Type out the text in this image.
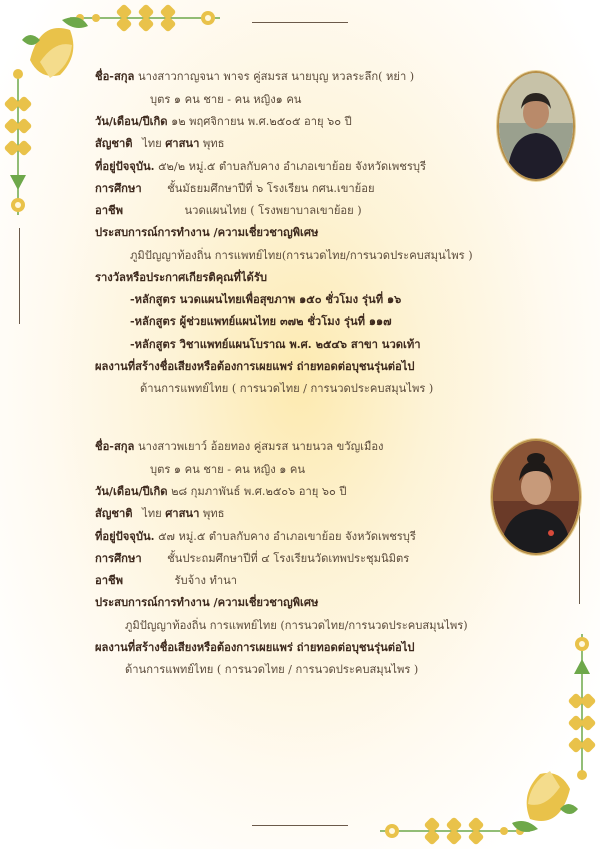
ชื่อ-สกุล นางสาวกาญจนา พาจร คู่สมรส นายบุญ หวลระลึก( หย่า )
บุตร ๑ คน ชาย - คน หญิง๑ คน
วัน/เดือน/ปีเกิด ๑๒ พฤศจิกายน พ.ศ.๒๕๐๕ อายุ ๖๐ ปี
สัญชาติ ไทย ศาสนา พุทธ
ที่อยู่ปัจจุบัน. ๕๒/๒ หมู่.๕ ตำบลกับคาง อำเภอเขาย้อย จังหวัดเพชรบุรี
การศึกษา ชั้นมัธยมศึกษาปีที่ ๖ โรงเรียน กศน.เขาย้อย
อาชีพ	นวดแผนไทย ( โรงพยาบาลเขาย้อย )
ประสบการณ์การทำงาน /ความเชี่ยวชาญพิเศษ
ภูมิปัญญาท้องถิ่น การแพทย์ไทย(การนวดไทย/การนวดประคบสมุนไพร )
รางวัลหรือประกาศเกียรติคุณที่ได้รับ
-หลักสูตร นวดแผนไทยเพื่อสุขภาพ ๑๕๐ ชั่วโมง รุ่นที่ ๑๖
-หลักสูตร ผู้ช่วยแพทย์แผนไทย ๓๗๒ ชั่วโมง รุ่นที่ ๑๑๗
-หลักสูตร วิชาแพทย์แผนโบราณ พ.ศ. ๒๕๔๖ สาขา นวดเท้า
ผลงานที่สร้างชื่อเสียงหรือต้องการเผยแพร่ ถ่ายทอดต่อบุชนรุ่นต่อไป
ด้านการแพทย์ไทย ( การนวดไทย / การนวดประคบสมุนไพร )
ชื่อ-สกุล นางสาวพเยาว์ อ้อยทอง คู่สมรส นายนวล ขวัญเมือง
บุตร ๑ คน ชาย - คน หญิง ๑ คน
วัน/เดือน/ปีเกิด ๒๘ กุมภาพันธ์ พ.ศ.๒๕๐๖ อายุ ๖๐ ปี
สัญชาติ ไทย ศาสนา พุทธ
ที่อยู่ปัจจุบัน. ๕๗ หมู่.๕ ตำบลกับคาง อำเภอเขาย้อย จังหวัดเพชรบุรี
การศึกษา ชั้นประถมศึกษาปีที่ ๔ โรงเรียนวัดเทพประชุมนิมิตร
อาชีพ	รับจ้าง ทำนา
ประสบการณ์การทำงาน /ความเชี่ยวชาญพิเศษ
ภูมิปัญญาท้องถิ่น การแพทย์ไทย (การนวดไทย/การนวดประคบสมุนไพร)
ผลงานที่สร้างชื่อเสียงหรือต้องการเผยแพร่ ถ่ายทอดต่อบุชนรุ่นต่อไป
ด้านการแพทย์ไทย ( การนวดไทย / การนวดประคบสมุนไพร )
